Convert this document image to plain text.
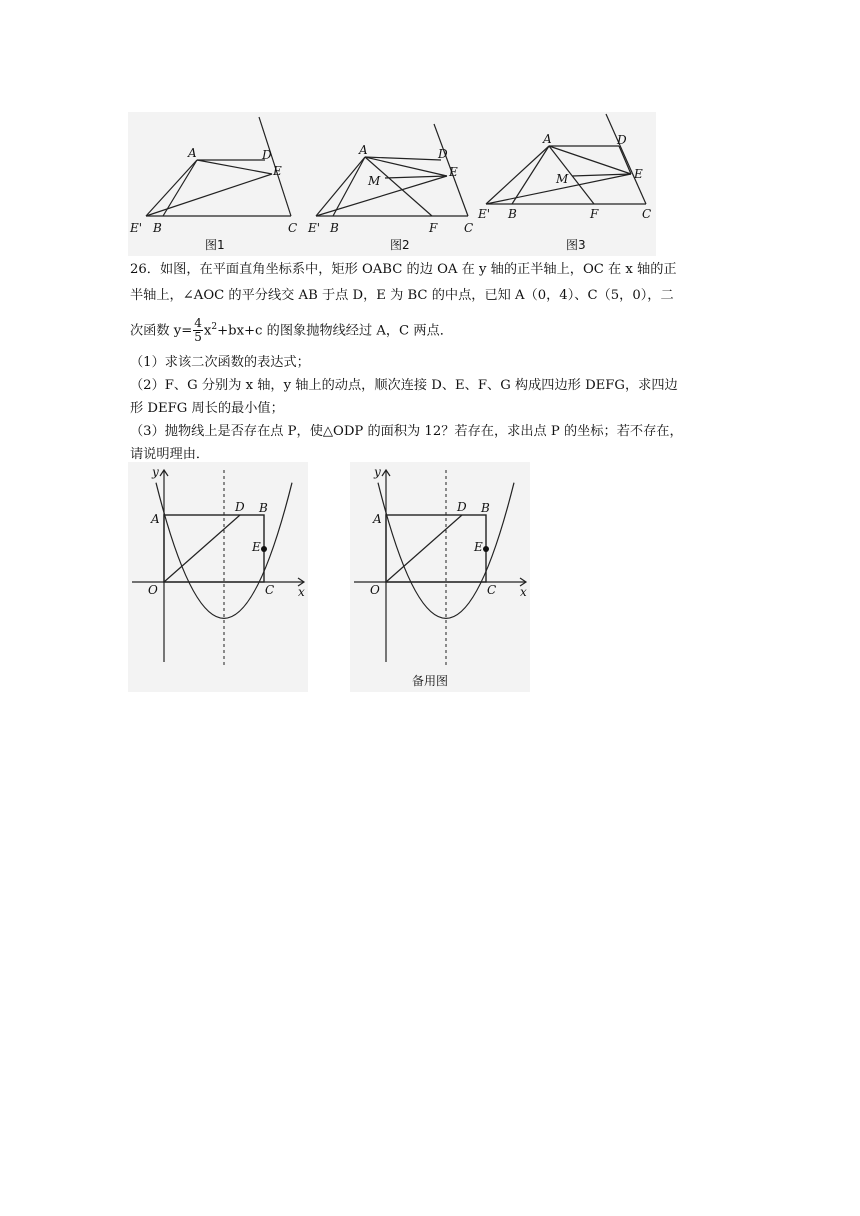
A	D
E
E' B	C
A	D
M
E
E' B	F C
A	D
M	E
E' B	F	C
图1	图2	图3
26．如图，在平面直角坐标系中，矩形 OABC 的边 OA 在 y 轴的正半轴上，OC 在 x 轴的正
半轴上，∠AOC 的平分线交 AB 于点 D，E 为 BC 的中点，已知 A（0，4）、C（5，0），二
次函数 $y= \frac{4}{5} x^2+bx+c$ 的图象抛物线经过 A，C 两点．
（1）求该二次函数的表达式；
（2）F、G 分别为 x 轴，y 轴上的动点，顺次连接 D、E、F、G 构成四边形 DEFG，求四边
形 DEFG 周长的最小值；
（3）抛物线上是否存在点 P，使△ODP 的面积为 12？若存在，求出点 P 的坐标；若不存在，
请说明理由．
y
x
O
A
D B
E
C
y
x
O
A
D B
E
C
备用图
